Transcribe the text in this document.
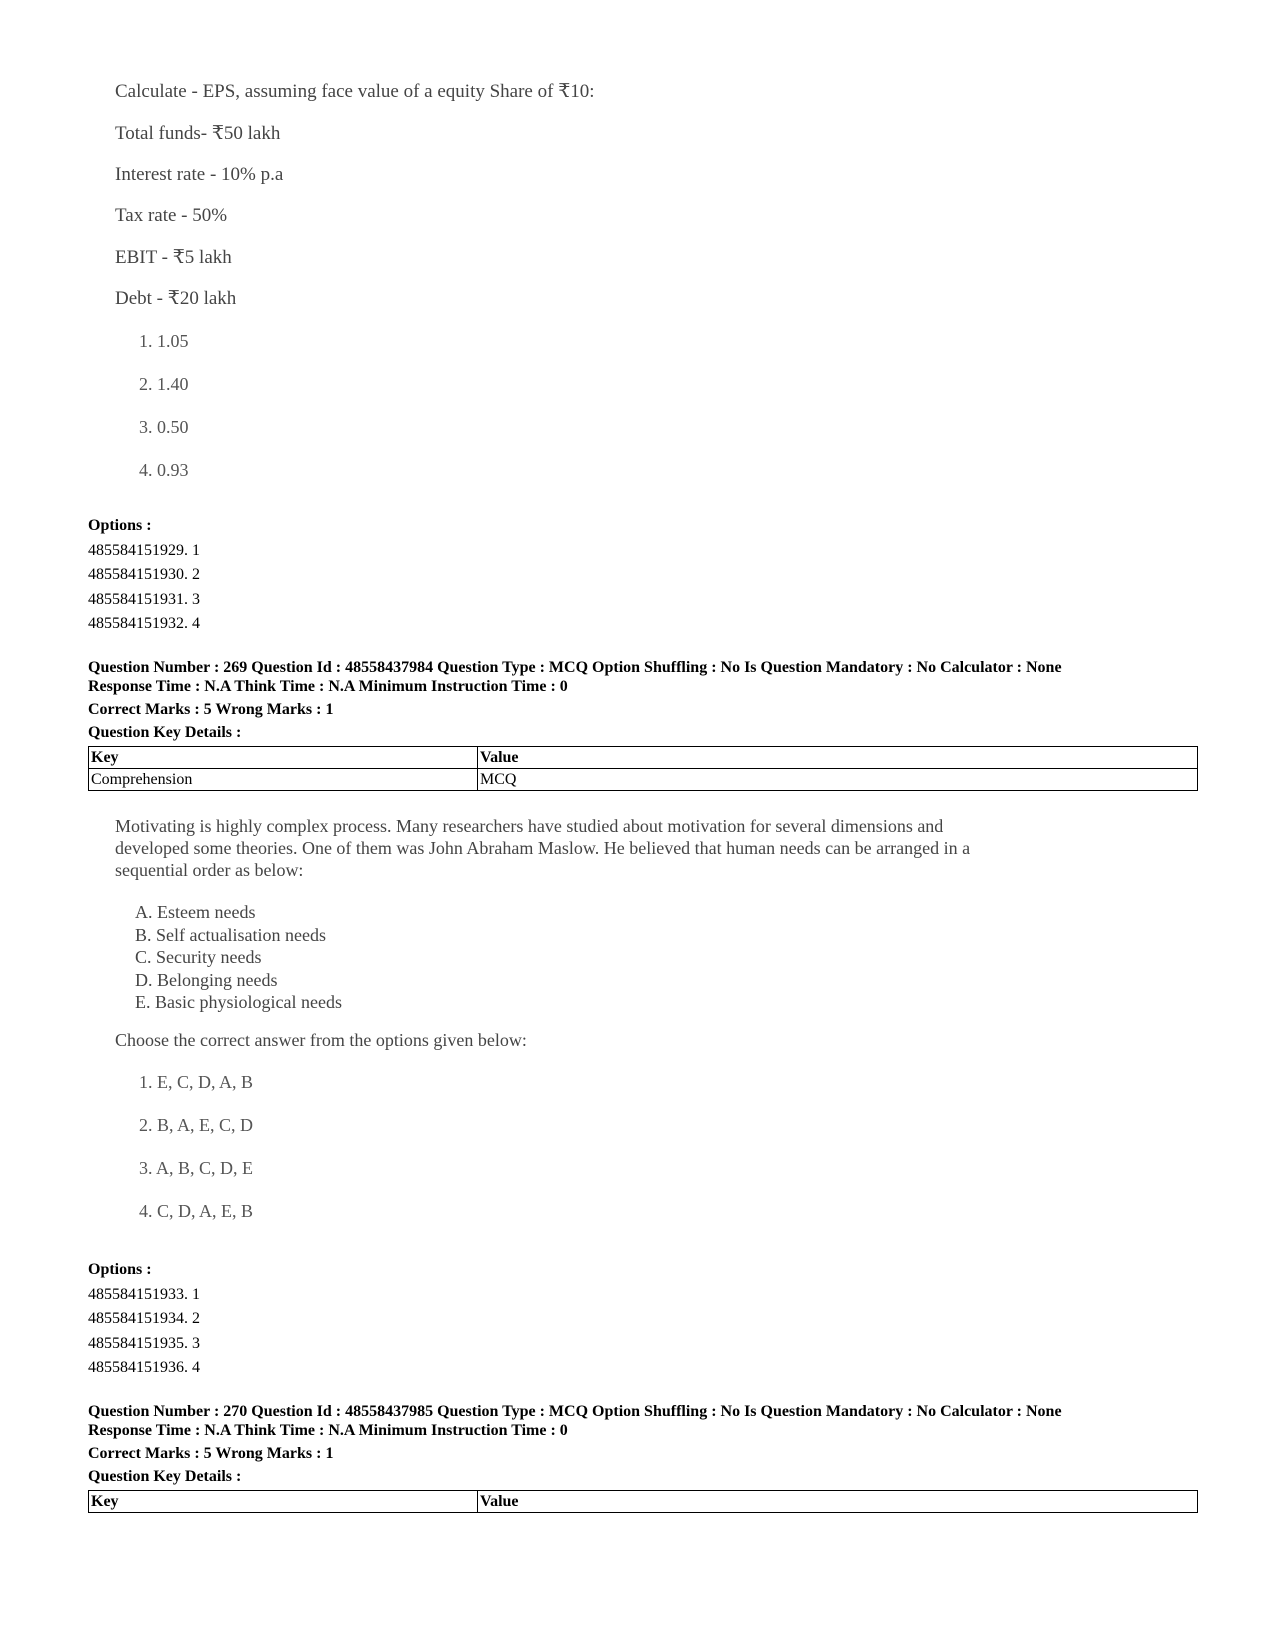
Calculate - EPS, assuming face value of a equity Share of ₹10:
Total funds- ₹50 lakh
Interest rate - 10% p.a
Tax rate - 50%
EBIT - ₹5 lakh
Debt - ₹20 lakh
1. 1.05
2. 1.40
3. 0.50
4. 0.93
Options :
485584151929. 1
485584151930. 2
485584151931. 3
485584151932. 4
Question Number : 269 Question Id : 48558437984 Question Type : MCQ Option Shuffling : No Is Question Mandatory : No Calculator : None
Response Time : N.A Think Time : N.A Minimum Instruction Time : 0
Correct Marks : 5 Wrong Marks : 1
Question Key Details :
Key	Value
Comprehension	MCQ
Motivating is highly complex process. Many researchers have studied about motivation for several dimensions and developed some theories. One of them was John Abraham Maslow. He believed that human needs can be arranged in a sequential order as below:
A. Esteem needs
B. Self actualisation needs
C. Security needs
D. Belonging needs
E. Basic physiological needs
Choose the correct answer from the options given below:
1. E, C, D, A, B
2. B, A, E, C, D
3. A, B, C, D, E
4. C, D, A, E, B
Options :
485584151933. 1
485584151934. 2
485584151935. 3
485584151936. 4
Question Number : 270 Question Id : 48558437985 Question Type : MCQ Option Shuffling : No Is Question Mandatory : No Calculator : None
Response Time : N.A Think Time : N.A Minimum Instruction Time : 0
Correct Marks : 5 Wrong Marks : 1
Question Key Details :
Key	Value
